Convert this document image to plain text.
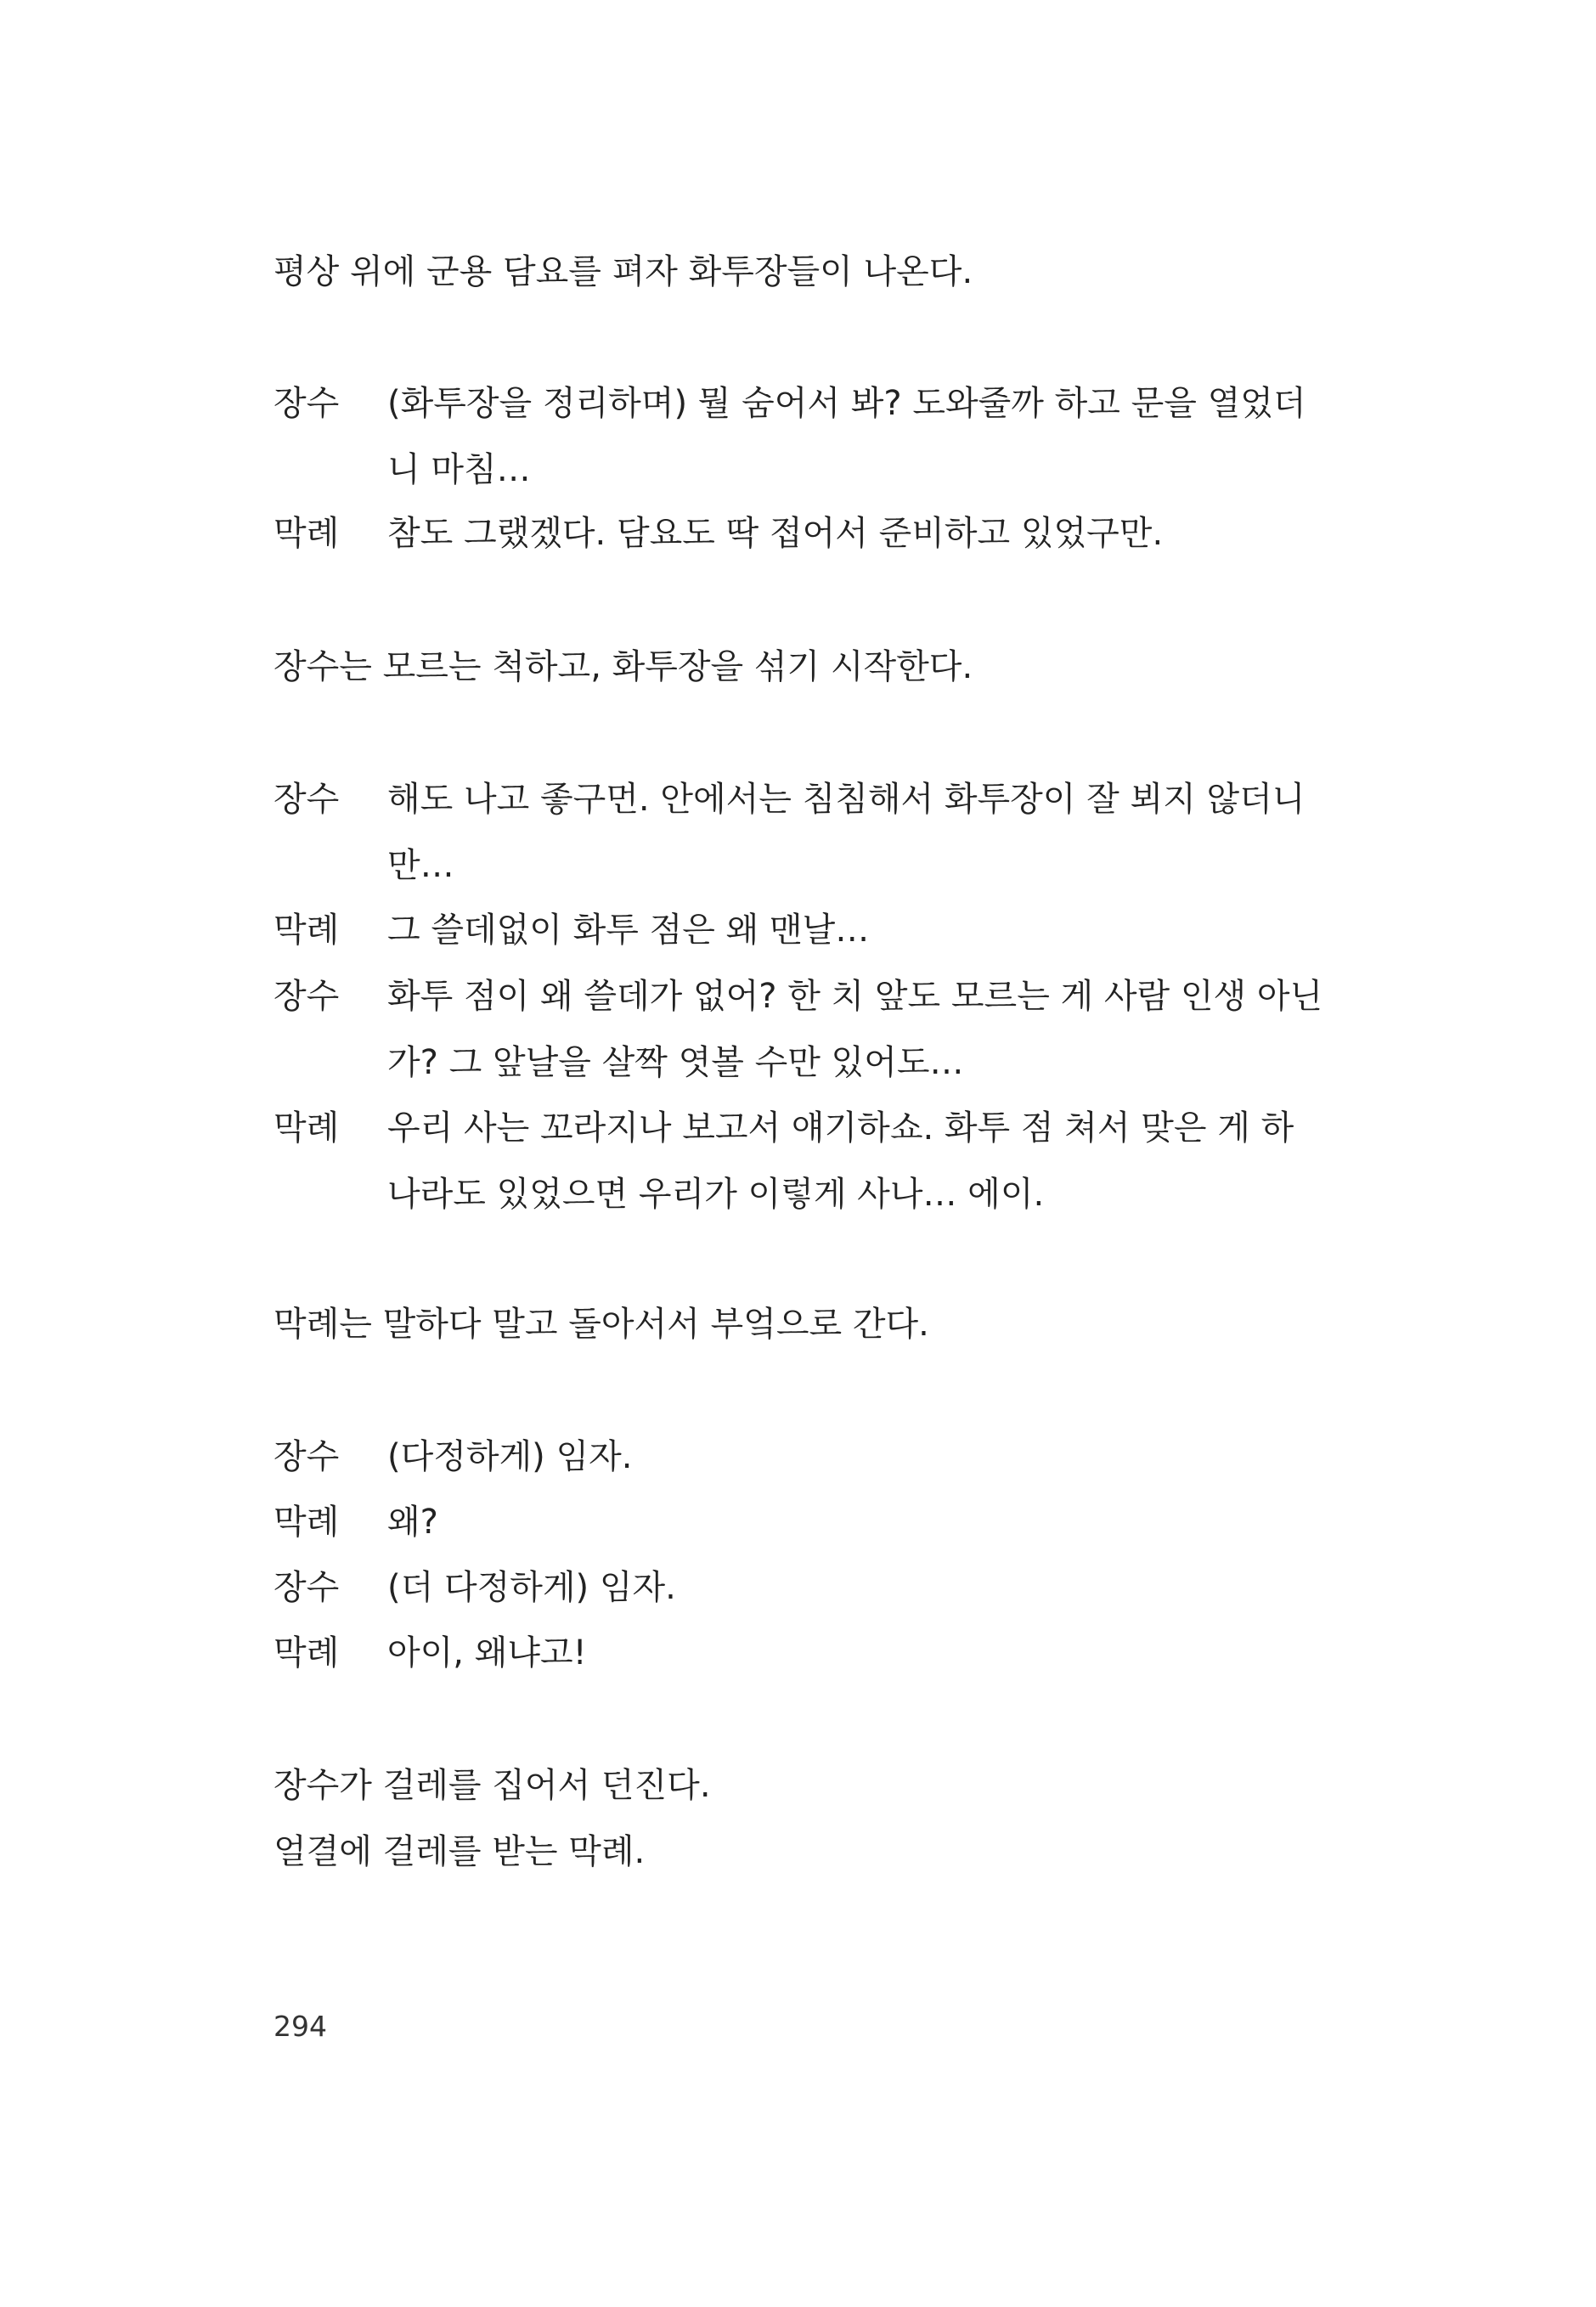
평상 위에 군용 담요를 펴자 화투장들이 나온다.
장수	(화투장을 정리하며) 뭘 숨어서 봐? 도와줄까 하고 문을 열었더
니 마침…
막례	참도 그랬겠다. 담요도 딱 접어서 준비하고 있었구만.
장수는 모르는 척하고, 화투장을 섞기 시작한다.
장수	해도 나고 좋구먼. 안에서는 침침해서 화투장이 잘 뵈지 않더니
만…
막례	그 쓸데없이 화투 점은 왜 맨날…
장수	화투 점이 왜 쓸데가 없어? 한 치 앞도 모르는 게 사람 인생 아닌
가? 그 앞날을 살짝 엿볼 수만 있어도…
막례	우리 사는 꼬라지나 보고서 얘기하쇼. 화투 점 쳐서 맞은 게 하
나라도 있었으면 우리가 이렇게 사나… 에이.
막례는 말하다 말고 돌아서서 부엌으로 간다.
장수	(다정하게) 임자.
막례	왜?
장수	(더 다정하게) 임자.
막례	아이, 왜냐고!
장수가 걸레를 집어서 던진다.
얼결에 걸레를 받는 막례.
294
